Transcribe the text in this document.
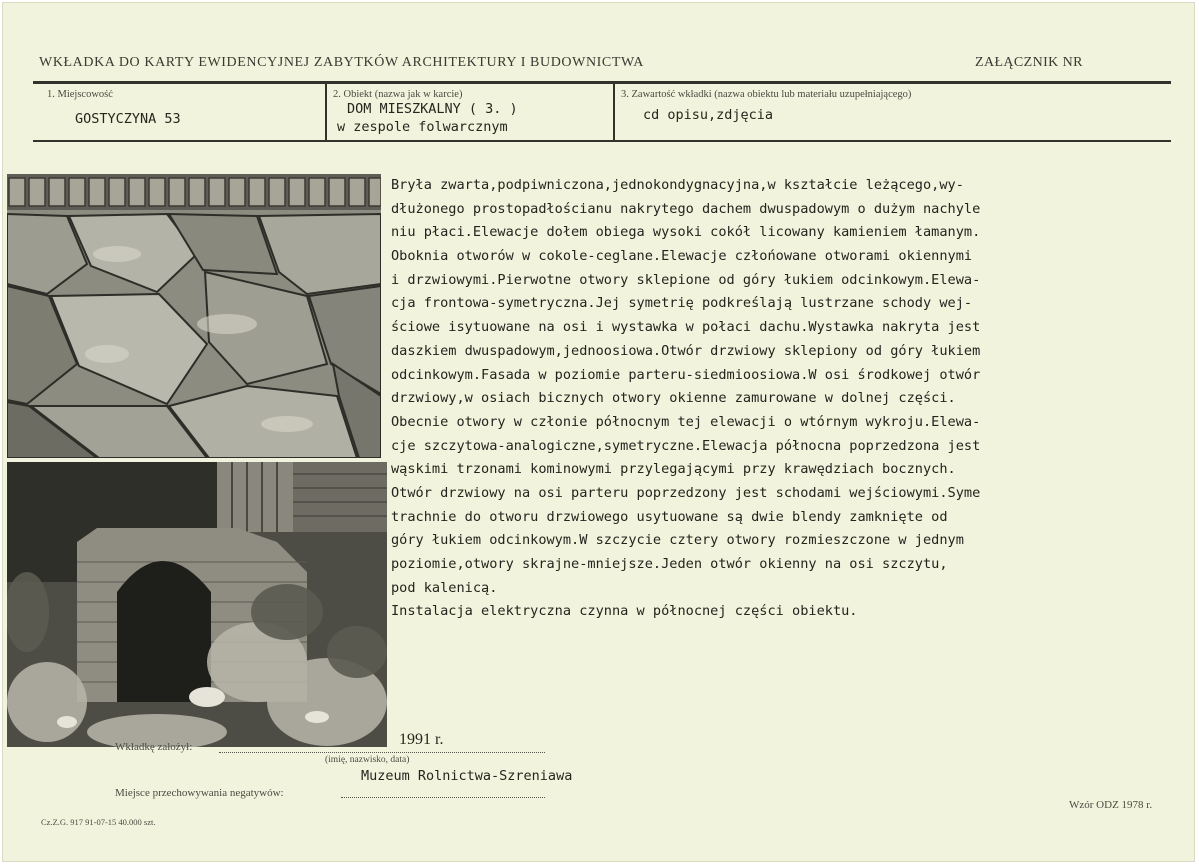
WKŁADKA DO KARTY EWIDENCYJNEJ ZABYTKÓW ARCHITEKTURY I BUDOWNICTWA	ZAŁĄCZNIK NR
1. Miejscowość
GOSTYCZYNA 53
2. Obiekt (nazwa jak w karcie)
DOM MIESZKALNY ( 3. )
w zespole folwarcznym
3. Zawartość wkładki (nazwa obiektu lub materiału uzupełniającego)
cd opisu,zdjęcia
Bryła zwarta,podpiwniczona,jednokondygnacyjna,w kształcie leżącego,wy-
dłużonego prostopadłościanu nakrytego dachem dwuspadowym o dużym nachyle
niu płaci.Elewacje dołem obiega wysoki cokół licowany kamieniem łamanym.
Oboknia otworów w cokole-ceglane.Elewacje człońowane otworami okiennymi
i drzwiowymi.Pierwotne otwory sklepione od góry łukiem odcinkowym.Elewa-
cja frontowa-symetryczna.Jej symetrię podkreślają lustrzane schody wej-
ściowe isytuowane na osi i wystawka w połaci dachu.Wystawka nakryta jest
daszkiem dwuspadowym,jednoosiowa.Otwór drzwiowy sklepiony od góry łukiem
odcinkowym.Fasada w poziomie parteru-siedmioosiowa.W osi środkowej otwór
drzwiowy,w osiach bicznych otwory okienne zamurowane w dolnej części.
Obecnie otwory w członie północnym tej elewacji o wtórnym wykroju.Elewa-
cje szczytowa-analogiczne,symetryczne.Elewacja północna poprzedzona jest
wąskimi trzonami kominowymi przylegającymi przy krawędziach bocznych.
Otwór drzwiowy na osi parteru poprzedzony jest schodami wejściowymi.Syme
trachnie do otworu drzwiowego usytuowane są dwie blendy zamknięte od
góry łukiem odcinkowym.W szczycie cztery otwory rozmieszczone w jednym
poziomie,otwory skrajne-mniejsze.Jeden otwór okienny na osi szczytu,
pod kalenicą.
Instalacja elektryczna czynna w północnej części obiektu.
Wkładkę założył:	1991 r.
(imię, nazwisko, data)
Muzeum Rolnictwa-Szreniawa
Miejsce przechowywania negatywów:
Cz.Z.G. 917 91-07-15 40.000 szt.
Wzór ODZ 1978 r.
